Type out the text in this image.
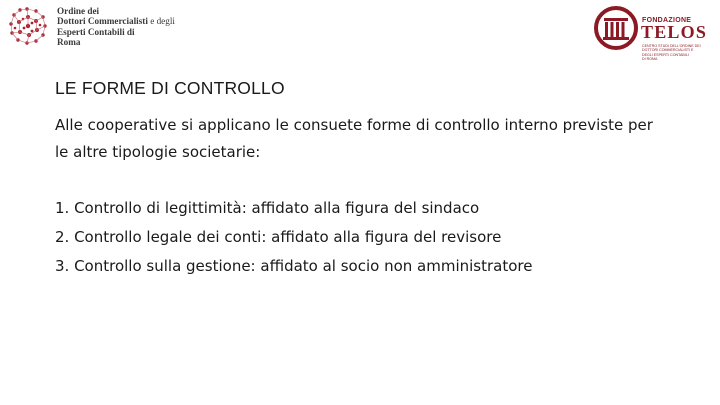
Ordine dei
Dottori Commercialisti e degli
Esperti Contabili di
Roma
FONDAZIONE
TELOS
CENTRO STUDI DELL'ORDINE DEI
DOTTORI COMMERCIALISTI E
DEGLI ESPERTI CONTABILI
DI ROMA
LE FORME DI CONTROLLO
Alle cooperative si applicano le consuete forme di controllo interno previste per le altre tipologie societarie:
1. Controllo di legittimità: affidato alla figura del sindaco
2. Controllo legale dei conti: affidato alla figura del revisore
3. Controllo sulla gestione: affidato al socio non amministratore
